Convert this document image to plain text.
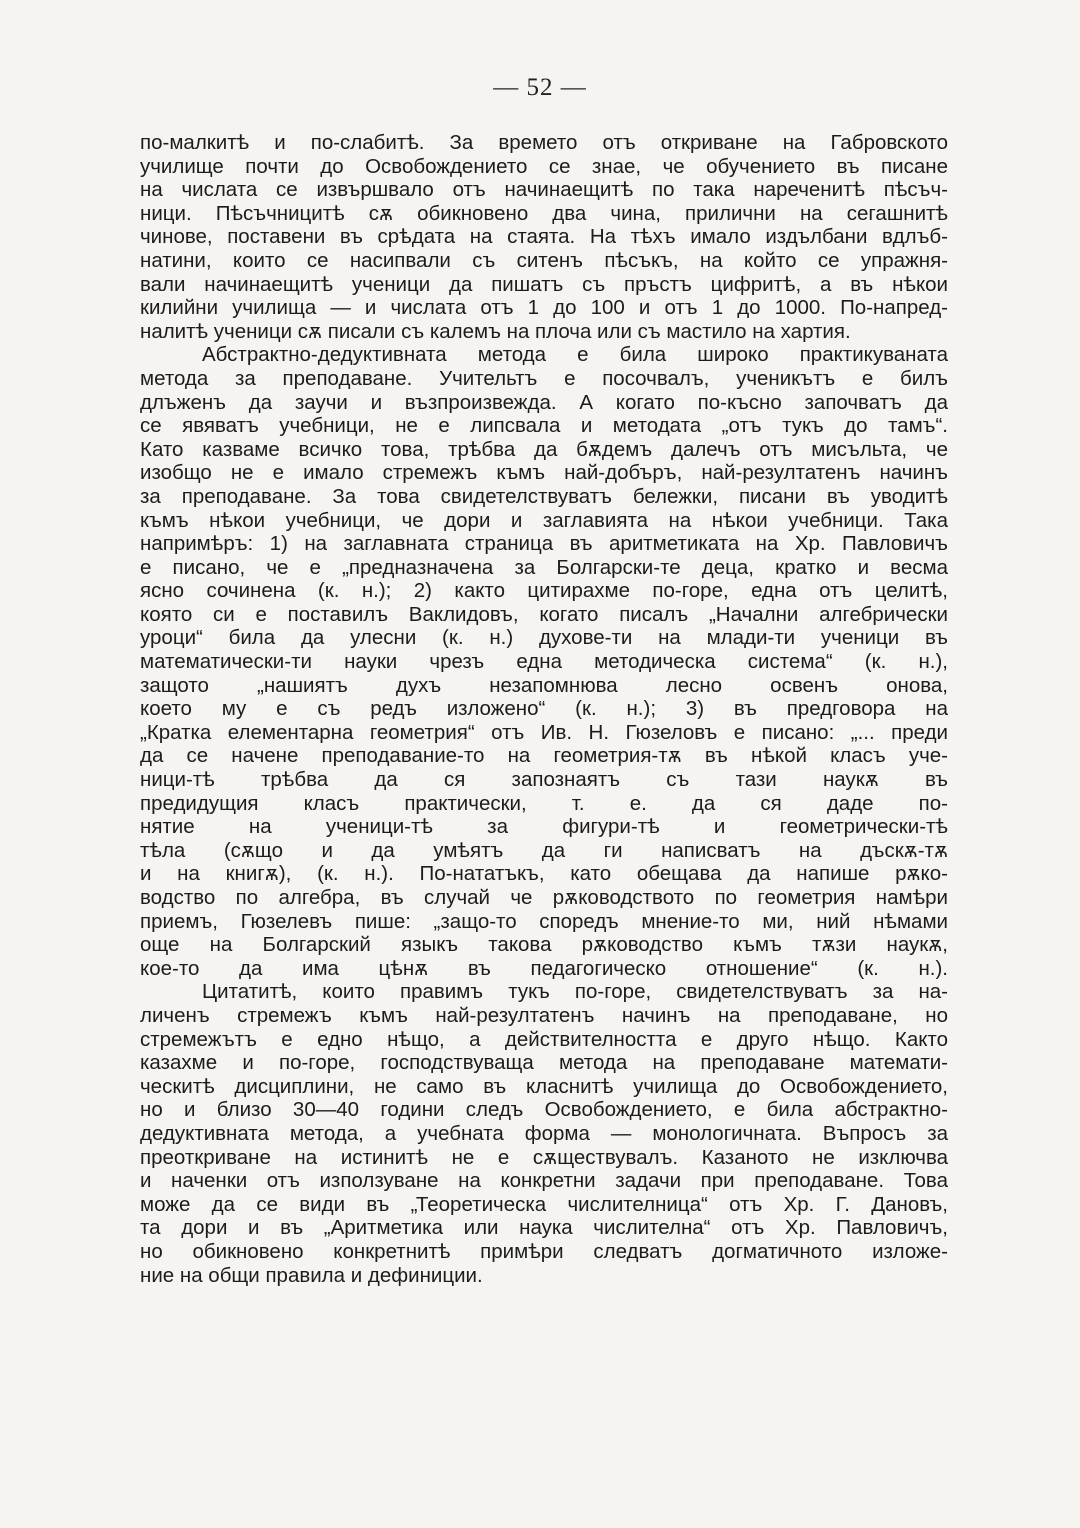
— 52 —
по-малкитѣ и по-слабитѣ. За времето отъ откриване на Габровското
училище почти до Освобождението се знае, че обучението въ писане
на числата се извършвало отъ начинаещитѣ по така нареченитѣ пѣсъч-
ници. Пѣсъчницитѣ сѫ обикновено два чина, прилични на сегашнитѣ
чинове, поставени въ срѣдата на стаята. На тѣхъ имало издълбани вдлъб-
натини, които се насипвали съ ситенъ пѣсъкъ, на който се упражня-
вали начинаещитѣ ученици да пишатъ съ пръстъ цифритѣ, а въ нѣкои
килийни училища — и числата отъ 1 до 100 и отъ 1 до 1000. По-напред-
налитѣ ученици сѫ писали съ калемъ на плоча или съ мастило на хартия.
Абстрактно-дедуктивната метода е била широко практикуваната
метода за преподаване. Учительтъ е посочвалъ, ученикътъ е билъ
длъженъ да заучи и възпроизвежда. А когато по-късно започватъ да
се явяватъ учебници, не е липсвала и методата „отъ тукъ до тамъ“.
Като казваме всичко това, трѣбва да бѫдемъ далечъ отъ мисъльта, че
изобщо не е имало стремежъ къмъ най-добъръ, най-резултатенъ начинъ
за преподаване. За това свидетелствуватъ бележки, писани въ уводитѣ
къмъ нѣкои учебници, че дори и заглавията на нѣкои учебници. Така
напримѣръ: 1) на заглавната страница въ аритметиката на Хр. Павловичъ
е писано, че е „предназначена за Болгарски-те деца, кратко и весма
ясно сочинена (к. н.); 2) както цитирахме по-горе, една отъ целитѣ,
която си е поставилъ Ваклидовъ, когато писалъ „Начални алгебрически
уроци“ била да улесни (к. н.) духове-ти на млади-ти ученици въ
математически-ти науки чрезъ една методическа система“ (к. н.),
защото „нашиятъ духъ незапомнюва лесно освенъ онова,
което му е съ редъ изложено“ (к. н.); 3) въ предговора на
„Кратка елементарна геометрия“ отъ Ив. Н. Гюзеловъ е писано: „... преди
да се начене преподавание-то на геометрия-тѫ въ нѣкой класъ уче-
ници-тѣ трѣбва да ся запознаятъ съ тази наукѫ въ
предидущия класъ практически, т. е. да ся даде по-
нятие на ученици-тѣ за фигури-тѣ и геометрически-тѣ
тѣла (сѫщо и да умѣятъ да ги написватъ на дъскѫ-тѫ
и на книгѫ), (к. н.). По-нататъкъ, като обещава да напише рѫко-
водство по алгебра, въ случай че рѫководството по геометрия намѣри
приемъ, Гюзелевъ пише: „защо-то споредъ мнение-то ми, ний нѣмами
още на Болгарский языкъ такова рѫководство къмъ тѫзи наукѫ,
кое-то да има цѣнѫ въ педагогическо отношение“ (к. н.).
Цитатитѣ, които правимъ тукъ по-горе, свидетелствуватъ за на-
личенъ стремежъ къмъ най-резултатенъ начинъ на преподаване, но
стремежътъ е едно нѣщо, а действителността е друго нѣщо. Както
казахме и по-горе, господствуваща метода на преподаване математи-
ческитѣ дисциплини, не само въ класнитѣ училища до Освобождението,
но и близо 30—40 години следъ Освобождението, е била абстрактно-
дедуктивната метода, а учебната форма — монологичната. Въпросъ за
преоткриване на истинитѣ не е сѫществувалъ. Казаното не изключва
и наченки отъ използуване на конкретни задачи при преподаване. Това
може да се види въ „Теоретическа числителница“ отъ Хр. Г. Дановъ,
та дори и въ „Аритметика или наука числителна“ отъ Хр. Павловичъ,
но обикновено конкретнитѣ примѣри следватъ догматичното изложе-
ние на общи правила и дефиниции.
